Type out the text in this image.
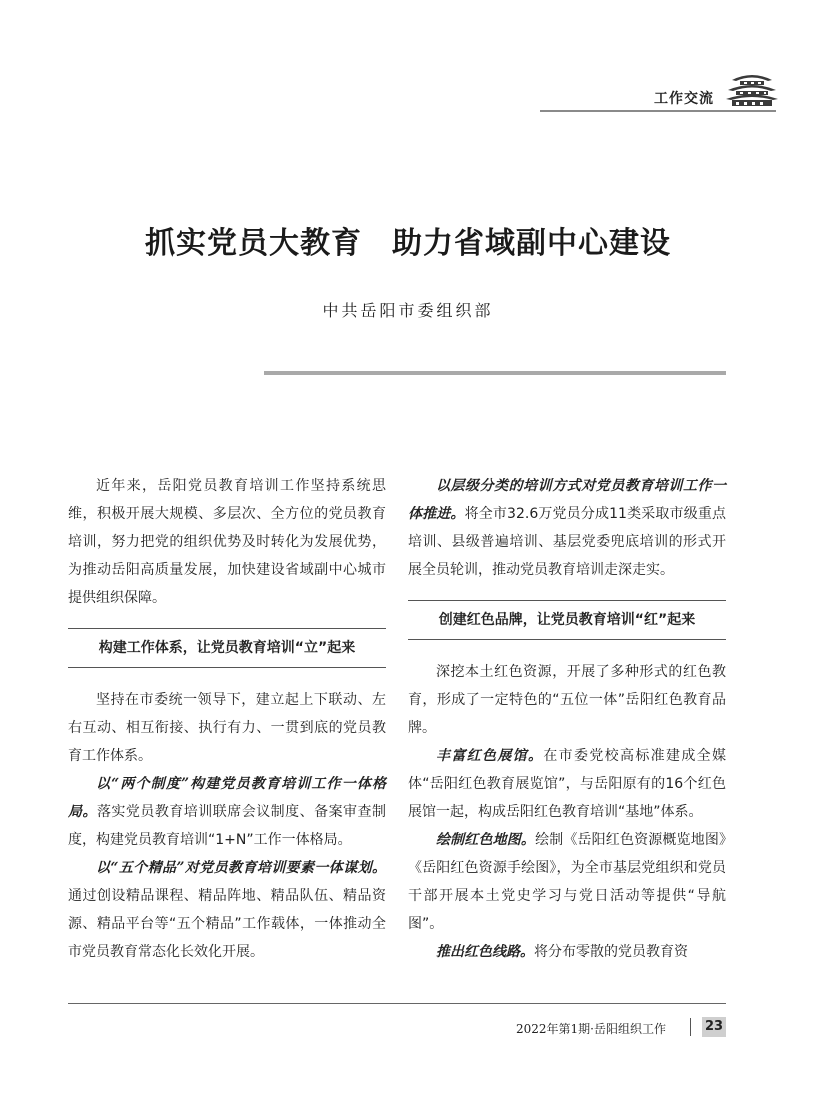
工作交流
抓实党员大教育 助力省域副中心建设
中共岳阳市委组织部

近年来，岳阳党员教育培训工作坚持系统思维，积极开展大规模、多层次、全方位的党员教育培训，努力把党的组织优势及时转化为发展优势，为推动岳阳高质量发展，加快建设省域副中心城市提供组织保障。

构建工作体系，让党员教育培训“立”起来

坚持在市委统一领导下，建立起上下联动、左右互动、相互衔接、执行有力、一贯到底的党员教育工作体系。

以“两个制度”构建党员教育培训工作一体格局。落实党员教育培训联席会议制度、备案审查制度，构建党员教育培训“1+N”工作一体格局。

以“五个精品”对党员教育培训要素一体谋划。通过创设精品课程、精品阵地、精品队伍、精品资源、精品平台等“五个精品”工作载体，一体推动全市党员教育常态化长效化开展。

以层级分类的培训方式对党员教育培训工作一体推进。将全市32.6万党员分成11类采取市级重点培训、县级普遍培训、基层党委兜底培训的形式开展全员轮训，推动党员教育培训走深走实。

创建红色品牌，让党员教育培训“红”起来

深挖本土红色资源，开展了多种形式的红色教育，形成了一定特色的“五位一体”岳阳红色教育品牌。

丰富红色展馆。在市委党校高标准建成全媒体“岳阳红色教育展览馆”，与岳阳原有的16个红色展馆一起，构成岳阳红色教育培训“基地”体系。

绘制红色地图。绘制《岳阳红色资源概览地图》《岳阳红色资源手绘图》，为全市基层党组织和党员干部开展本土党史学习与党日活动等提供“导航图”。

推出红色线路。将分布零散的党员教育资

2022年第1期·岳阳组织工作	23
